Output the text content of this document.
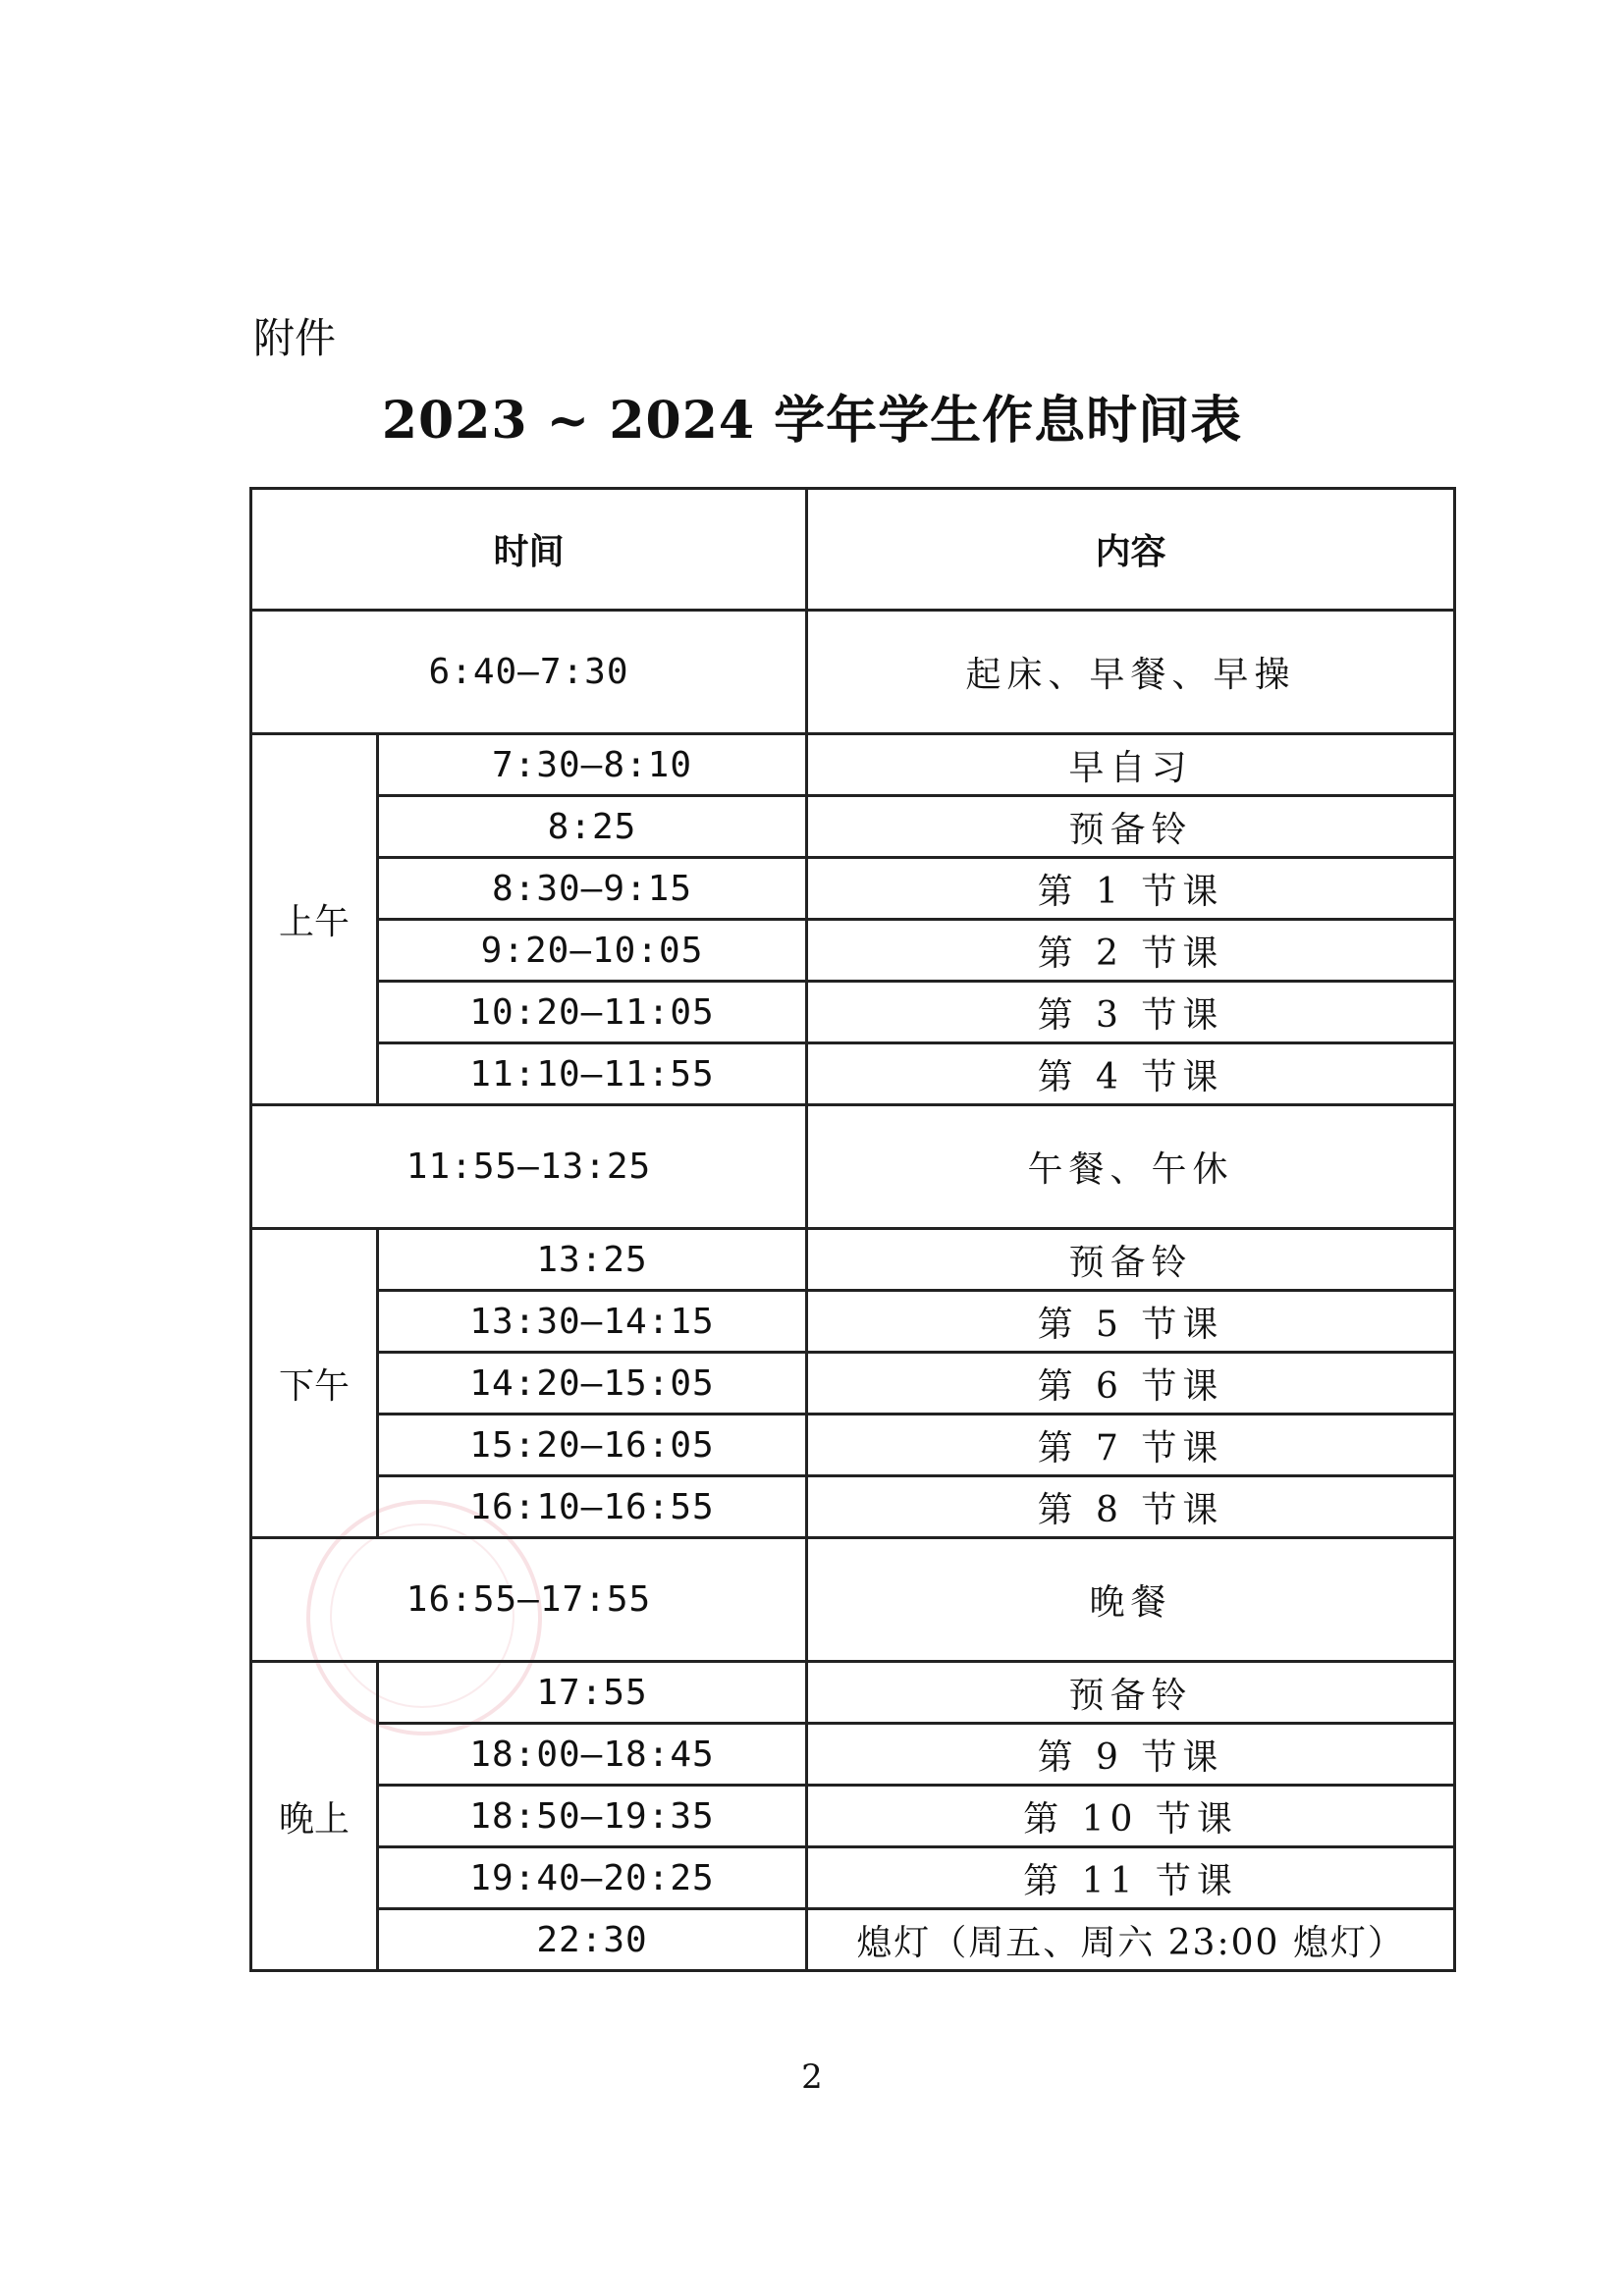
附件
2023 ~ 2024 学年学生作息时间表
时间		内容
6:40—7:30		起床、早餐、早操
上午	7:30—8:10	早自习
	8:25	预备铃
	8:30—9:15	第 1 节课
	9:20—10:05	第 2 节课
	10:20—11:05	第 3 节课
	11:10—11:55	第 4 节课
11:55—13:25		午餐、午休
下午	13:25	预备铃
	13:30—14:15	第 5 节课
	14:20—15:05	第 6 节课
	15:20—16:05	第 7 节课
	16:10—16:55	第 8 节课
16:55—17:55		晚餐
晚上	17:55	预备铃
	18:00—18:45	第 9 节课
	18:50—19:35	第 10 节课
	19:40—20:25	第 11 节课
	22:30	熄灯（周五、周六 23:00 熄灯）
2
